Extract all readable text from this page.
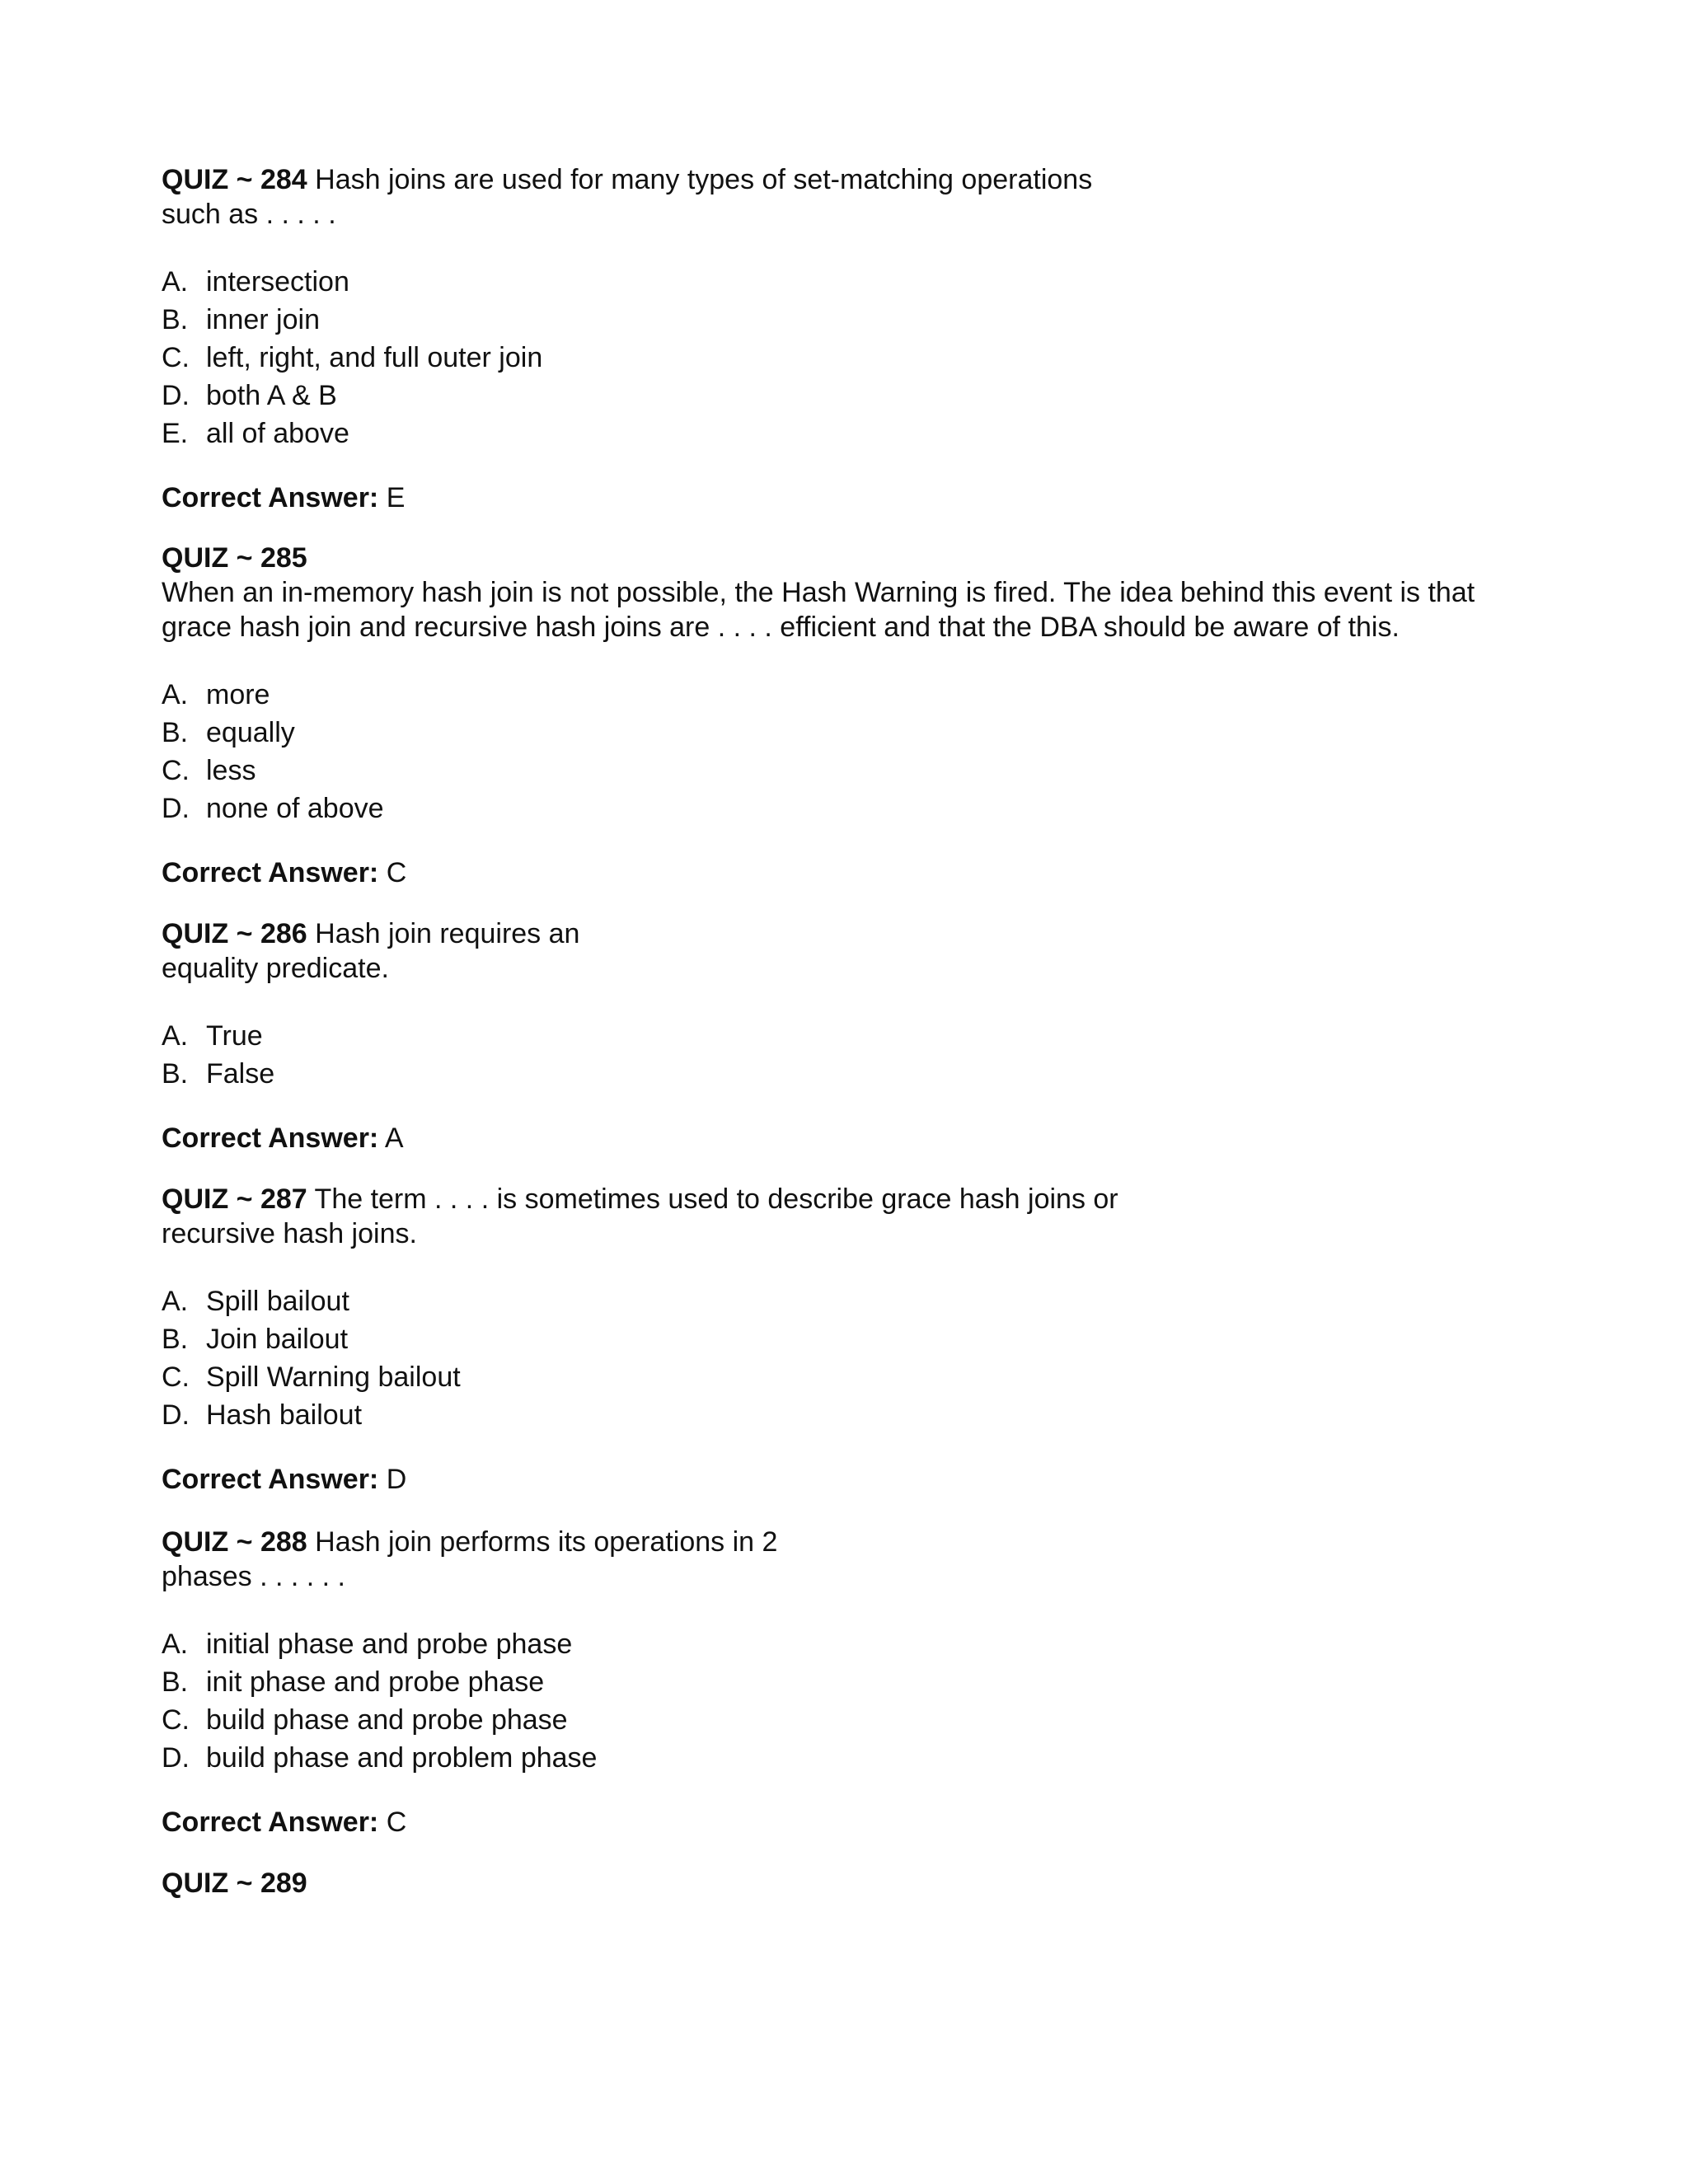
QUIZ ~ 284 Hash joins are used for many types of set-matching operations
such as . . . . .
A. intersection
B. inner join
C. left, right, and full outer join
D. both A & B
E. all of above
Correct Answer: E
QUIZ ~ 285
When an in-memory hash join is not possible, the Hash Warning is fired. The idea behind this event is that
grace hash join and recursive hash joins are . . . . efficient and that the DBA should be aware of this.
A. more
B. equally
C. less
D. none of above
Correct Answer: C
QUIZ ~ 286 Hash join requires an
equality predicate.
A. True
B. False
Correct Answer: A
QUIZ ~ 287 The term . . . . is sometimes used to describe grace hash joins or
recursive hash joins.
A. Spill bailout
B. Join bailout
C. Spill Warning bailout
D. Hash bailout
Correct Answer: D
QUIZ ~ 288 Hash join performs its operations in 2
phases . . . . . .
A. initial phase and probe phase
B. init phase and probe phase
C. build phase and probe phase
D. build phase and problem phase
Correct Answer: C
QUIZ ~ 289
